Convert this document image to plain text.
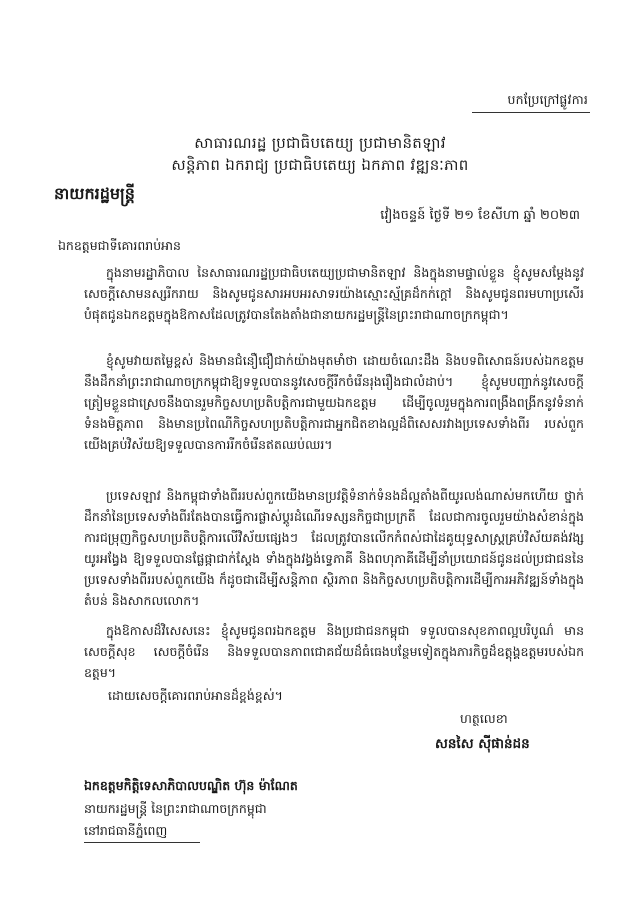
បកប្រែក្រៅផ្លូវការ
សាធារណរដ្ឋ ប្រជាធិបតេយ្យ ប្រជាមានិតឡាវ
សន្តិភាព ឯករាជ្យ ប្រជាធិបតេយ្យ ឯកភាព វឌ្ឍនៈភាព
នាយករដ្ឋមន្ត្រី
វៀងចន្ទន៍ ថ្ងៃទី ២១ ខែសីហា ឆ្នាំ ២០២៣
ឯកឧត្តមជាទីគោរពរាប់អាន
ក្នុងនាមរដ្ឋាភិបាល នៃសាធារណរដ្ឋប្រជាធិបតេយ្យប្រជាមានិតឡាវ និងក្នុងនាមផ្ទាល់ខ្លួន ខ្ញុំសូមសម្ដែងនូវសេចក្ដីសោមនស្សរីករាយ និងសូមជូនសារអបអរសាទរយ៉ាងស្មោះស្ម័គ្រដ៏កក់ក្ដៅ និងសូមជូនពរមហាប្រសើរបំផុតជូនឯកឧត្តមក្នុងឱកាសដែលត្រូវបានតែងតាំងជានាយករដ្ឋមន្ត្រីនៃព្រះរាជាណាចក្រកម្ពុជា។
ខ្ញុំសូមវាយតម្លៃខ្ពស់ និងមានជំនឿជឿជាក់យ៉ាងមុតមាំថា ដោយចំណេះដឹង និងបទពិសោធន៍របស់ឯកឧត្តម នឹងដឹកនាំព្រះរាជាណាចក្រកម្ពុជាឱ្យទទួលបាននូវសេចក្តីរីកចំរើនរុងរឿងជាលំដាប់។ ខ្ញុំសូមបញ្ជាក់នូវសេចក្ដីត្រៀមខ្លួនជាស្រេចនឹងបានរួមកិច្ចសហប្រតិបត្តិការជាមួយឯកឧត្តម ដើម្បីចូលរួមក្នុងការពង្រឹងពង្រីកនូវទំនាក់ទំនងមិត្តភាព និងមានប្រពៃណីកិច្ចសហប្រតិបត្តិការជាអ្នកជិតខាងល្អដ៏ពិសេសរវាងប្រទេសទាំងពីរ របស់ពួកយើងគ្រប់វិស័យឱ្យទទួលបានការរីកចំរើនឥតឈប់ឈរ។
ប្រទេសឡាវ និងកម្ពុជាទាំងពីររបស់ពួកយើងមានប្រវត្តិទំនាក់ទំនងដ៏ល្អតាំងពីយូរលង់ណាស់មកហើយ ថ្នាក់ដឹកនាំនៃប្រទេសទាំងពីរតែងបានធ្វើការផ្លាស់ប្ដូរដំណើរទស្សនកិច្ចជាប្រក្រតី ដែលជាការចូលរួមយ៉ាងសំខាន់ក្នុងការជម្រុញកិច្ចសហប្រតិបត្តិការលើវិស័យផ្សេងៗ ដែលត្រូវបានលើកកំពស់ជាដៃគូយុទ្ធសាស្ត្រគ្រប់វិស័យគង់វង្សយូរអង្វែង ឱ្យទទួលបានផ្លែផ្កាជាក់ស្ដែង ទាំងក្នុងវង្វង់ទ្វេភាគី និងពហុភាគីដើម្បីនាំប្រយោជន៍ជូនដល់ប្រជាជននៃប្រទេសទាំងពីររបស់ពួកយើង ក៏ដូចជាដើម្បីសន្តិភាព ស្ថិរភាព និងកិច្ចសហប្រតិបត្តិការដើម្បីការអភិវឌ្ឍន៍ទាំងក្នុងតំបន់ និងសាកលលោក។
ក្នុងឱកាសដ៏វិសេសនេះ ខ្ញុំសូមជូនពរឯកឧត្តម និងប្រជាជនកម្ពុជា ទទួលបានសុខភាពល្អបរិបូណ៌ មានសេចក្តីសុខ សេចក្ដីចំរើន និងទទួលបានភាពជោគជ័យដ៏ធំធេងបន្ថែមទៀតក្នុងភារកិច្ចដ៏ឧត្តុង្គឧត្តមរបស់ឯកឧត្តម។
ដោយសេចក្ដីគោរពរាប់អានដ៏ខ្ពង់ខ្ពស់។
ហត្ថលេខា
សនសៃ ស៊ីផាន់ដន
ឯកឧត្តមកិត្តិទេសាភិបាលបណ្ឌិត ហ៊ុន ម៉ាណែត
នាយករដ្ឋមន្ត្រី នៃព្រះរាជាណាចក្រកម្ពុជា
នៅរាជធានីភ្នំពេញ
